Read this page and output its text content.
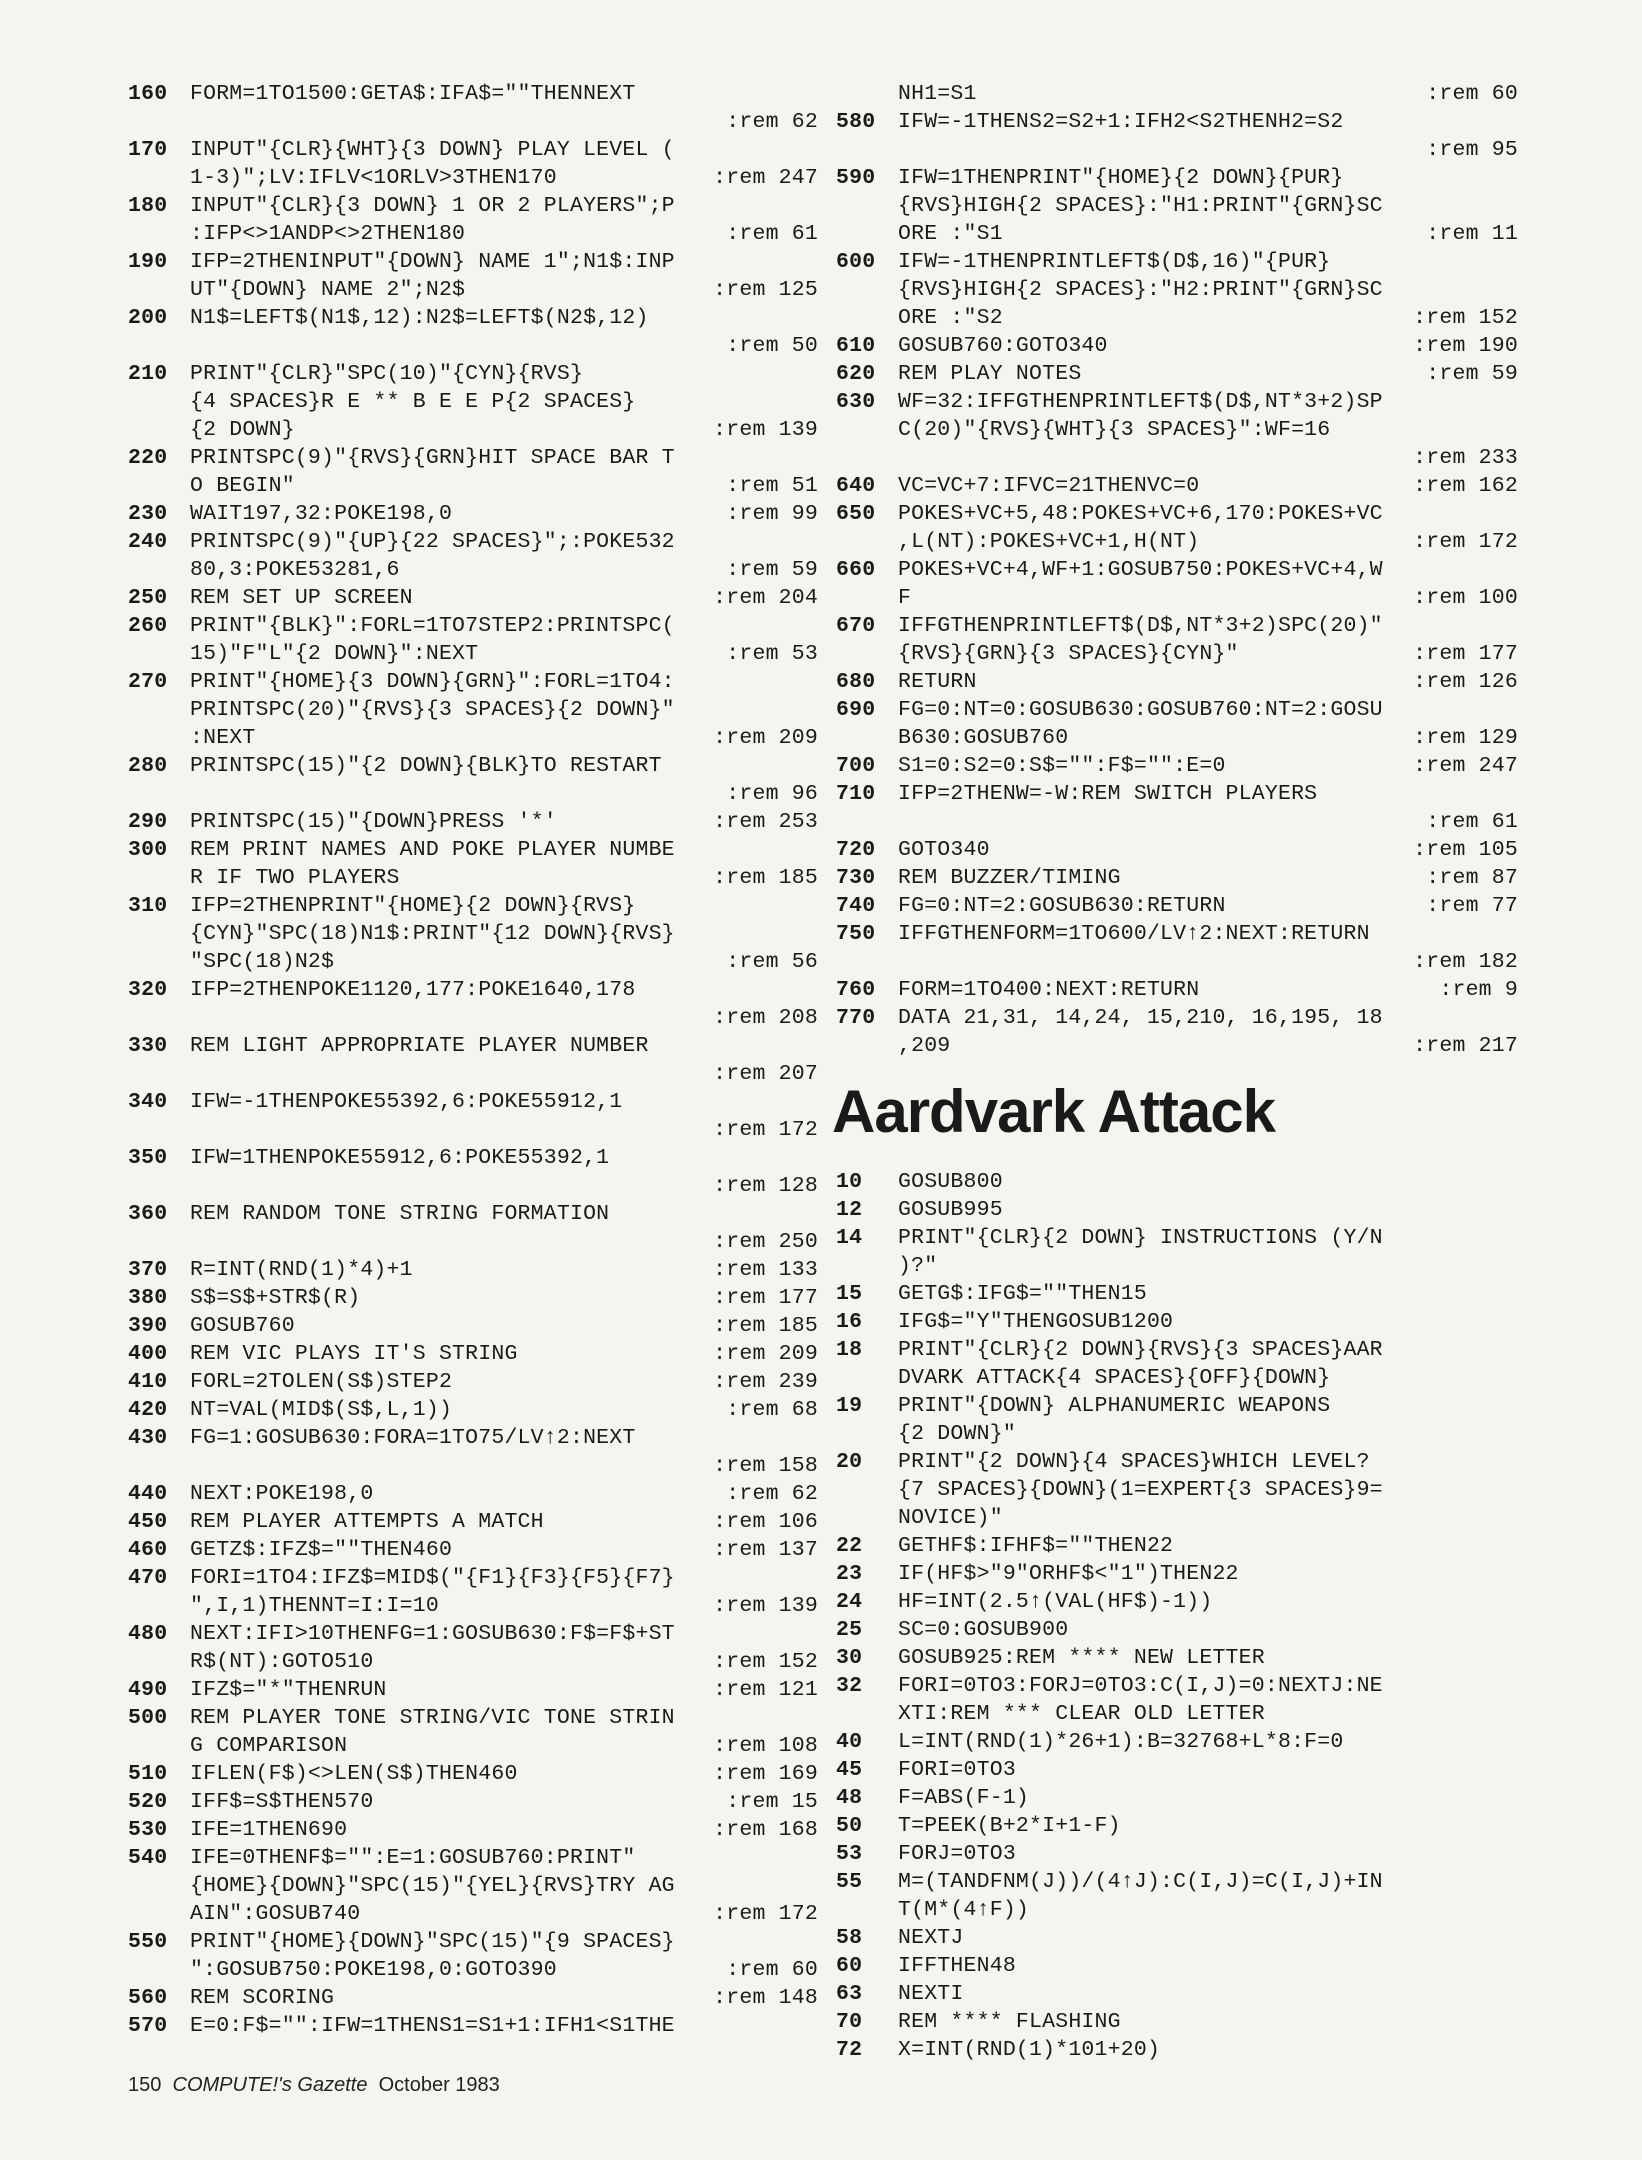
160	FORM=1TO1500:GETA$:IFA$=""THENNEXT
:rem 62
170	INPUT"{CLR}{WHT}{3 DOWN} PLAY LEVEL (
1-3)";LV:IFLV<1ORLV>3THEN170	:rem 247
180	INPUT"{CLR}{3 DOWN} 1 OR 2 PLAYERS";P
:IFP<>1ANDP<>2THEN180	:rem 61
190	IFP=2THENINPUT"{DOWN} NAME 1";N1$:INP
UT"{DOWN} NAME 2";N2$	:rem 125
200	N1$=LEFT$(N1$,12):N2$=LEFT$(N2$,12)
:rem 50
210	PRINT"{CLR}"SPC(10)"{CYN}{RVS}
{4 SPACES}R E ** B E E P{2 SPACES}
{2 DOWN}	:rem 139
220	PRINTSPC(9)"{RVS}{GRN}HIT SPACE BAR T
O BEGIN"	:rem 51
230	WAIT197,32:POKE198,0	:rem 99
240	PRINTSPC(9)"{UP}{22 SPACES}";:POKE532
80,3:POKE53281,6	:rem 59
250	REM SET UP SCREEN	:rem 204
260	PRINT"{BLK}":FORL=1TO7STEP2:PRINTSPC(
15)"F"L"{2 DOWN}":NEXT	:rem 53
270	PRINT"{HOME}{3 DOWN}{GRN}":FORL=1TO4:
PRINTSPC(20)"{RVS}{3 SPACES}{2 DOWN}"
:NEXT	:rem 209
280	PRINTSPC(15)"{2 DOWN}{BLK}TO RESTART
:rem 96
290	PRINTSPC(15)"{DOWN}PRESS '*'	:rem 253
300	REM PRINT NAMES AND POKE PLAYER NUMBE
R IF TWO PLAYERS	:rem 185
310	IFP=2THENPRINT"{HOME}{2 DOWN}{RVS}
{CYN}"SPC(18)N1$:PRINT"{12 DOWN}{RVS}
"SPC(18)N2$	:rem 56
320	IFP=2THENPOKE1120,177:POKE1640,178
:rem 208
330	REM LIGHT APPROPRIATE PLAYER NUMBER
:rem 207
340	IFW=-1THENPOKE55392,6:POKE55912,1
:rem 172
350	IFW=1THENPOKE55912,6:POKE55392,1
:rem 128
360	REM RANDOM TONE STRING FORMATION
:rem 250
370	R=INT(RND(1)*4)+1	:rem 133
380	S$=S$+STR$(R)	:rem 177
390	GOSUB760	:rem 185
400	REM VIC PLAYS IT'S STRING	:rem 209
410	FORL=2TOLEN(S$)STEP2	:rem 239
420	NT=VAL(MID$(S$,L,1))	:rem 68
430	FG=1:GOSUB630:FORA=1TO75/LV↑2:NEXT
:rem 158
440	NEXT:POKE198,0	:rem 62
450	REM PLAYER ATTEMPTS A MATCH	:rem 106
460	GETZ$:IFZ$=""THEN460	:rem 137
470	FORI=1TO4:IFZ$=MID$("{F1}{F3}{F5}{F7}
",I,1)THENNT=I:I=10	:rem 139
480	NEXT:IFI>10THENFG=1:GOSUB630:F$=F$+ST
R$(NT):GOTO510	:rem 152
490	IFZ$="*"THENRUN	:rem 121
500	REM PLAYER TONE STRING/VIC TONE STRIN
G COMPARISON	:rem 108
510	IFLEN(F$)<>LEN(S$)THEN460	:rem 169
520	IFF$=S$THEN570	:rem 15
530	IFE=1THEN690	:rem 168
540	IFE=0THENF$="":E=1:GOSUB760:PRINT"
{HOME}{DOWN}"SPC(15)"{YEL}{RVS}TRY AG
AIN":GOSUB740	:rem 172
550	PRINT"{HOME}{DOWN}"SPC(15)"{9 SPACES}
":GOSUB750:POKE198,0:GOTO390	:rem 60
560	REM SCORING	:rem 148
570	E=0:F$="":IFW=1THENS1=S1+1:IFH1<S1THE
NH1=S1	:rem 60
580	IFW=-1THENS2=S2+1:IFH2<S2THENH2=S2
:rem 95
590	IFW=1THENPRINT"{HOME}{2 DOWN}{PUR}
{RVS}HIGH{2 SPACES}:"H1:PRINT"{GRN}SC
ORE :"S1	:rem 11
600	IFW=-1THENPRINTLEFT$(D$,16)"{PUR}
{RVS}HIGH{2 SPACES}:"H2:PRINT"{GRN}SC
ORE :"S2	:rem 152
610	GOSUB760:GOTO340	:rem 190
620	REM PLAY NOTES	:rem 59
630	WF=32:IFFGTHENPRINTLEFT$(D$,NT*3+2)SP
C(20)"{RVS}{WHT}{3 SPACES}":WF=16
:rem 233
640	VC=VC+7:IFVC=21THENVC=0	:rem 162
650	POKES+VC+5,48:POKES+VC+6,170:POKES+VC
,L(NT):POKES+VC+1,H(NT)	:rem 172
660	POKES+VC+4,WF+1:GOSUB750:POKES+VC+4,W
F	:rem 100
670	IFFGTHENPRINTLEFT$(D$,NT*3+2)SPC(20)"
{RVS}{GRN}{3 SPACES}{CYN}"	:rem 177
680	RETURN	:rem 126
690	FG=0:NT=0:GOSUB630:GOSUB760:NT=2:GOSU
B630:GOSUB760	:rem 129
700	S1=0:S2=0:S$="":F$="":E=0	:rem 247
710	IFP=2THENW=-W:REM SWITCH PLAYERS
:rem 61
720	GOTO340	:rem 105
730	REM BUZZER/TIMING	:rem 87
740	FG=0:NT=2:GOSUB630:RETURN	:rem 77
750	IFFGTHENFORM=1TO600/LV↑2:NEXT:RETURN
:rem 182
760	FORM=1TO400:NEXT:RETURN	:rem 9
770	DATA 21,31, 14,24, 15,210, 16,195, 18
,209	:rem 217
Aardvark Attack
10	GOSUB800
12	GOSUB995
14	PRINT"{CLR}{2 DOWN} INSTRUCTIONS (Y/N
)?"
15	GETG$:IFG$=""THEN15
16	IFG$="Y"THENGOSUB1200
18	PRINT"{CLR}{2 DOWN}{RVS}{3 SPACES}AAR
DVARK ATTACK{4 SPACES}{OFF}{DOWN}
19	PRINT"{DOWN} ALPHANUMERIC WEAPONS
{2 DOWN}"
20	PRINT"{2 DOWN}{4 SPACES}WHICH LEVEL?
{7 SPACES}{DOWN}(1=EXPERT{3 SPACES}9=
NOVICE)"
22	GETHF$:IFHF$=""THEN22
23	IF(HF$>"9"ORHF$<"1")THEN22
24	HF=INT(2.5↑(VAL(HF$)-1))
25	SC=0:GOSUB900
30	GOSUB925:REM **** NEW LETTER
32	FORI=0TO3:FORJ=0TO3:C(I,J)=0:NEXTJ:NE
XTI:REM *** CLEAR OLD LETTER
40	L=INT(RND(1)*26+1):B=32768+L*8:F=0
45	FORI=0TO3
48	F=ABS(F-1)
50	T=PEEK(B+2*I+1-F)
53	FORJ=0TO3
55	M=(TANDFNM(J))/(4↑J):C(I,J)=C(I,J)+IN
T(M*(4↑F))
58	NEXTJ
60	IFFTHEN48
63	NEXTI
70	REM **** FLASHING
72	X=INT(RND(1)*101+20)
150 COMPUTE!'s Gazette October 1983
